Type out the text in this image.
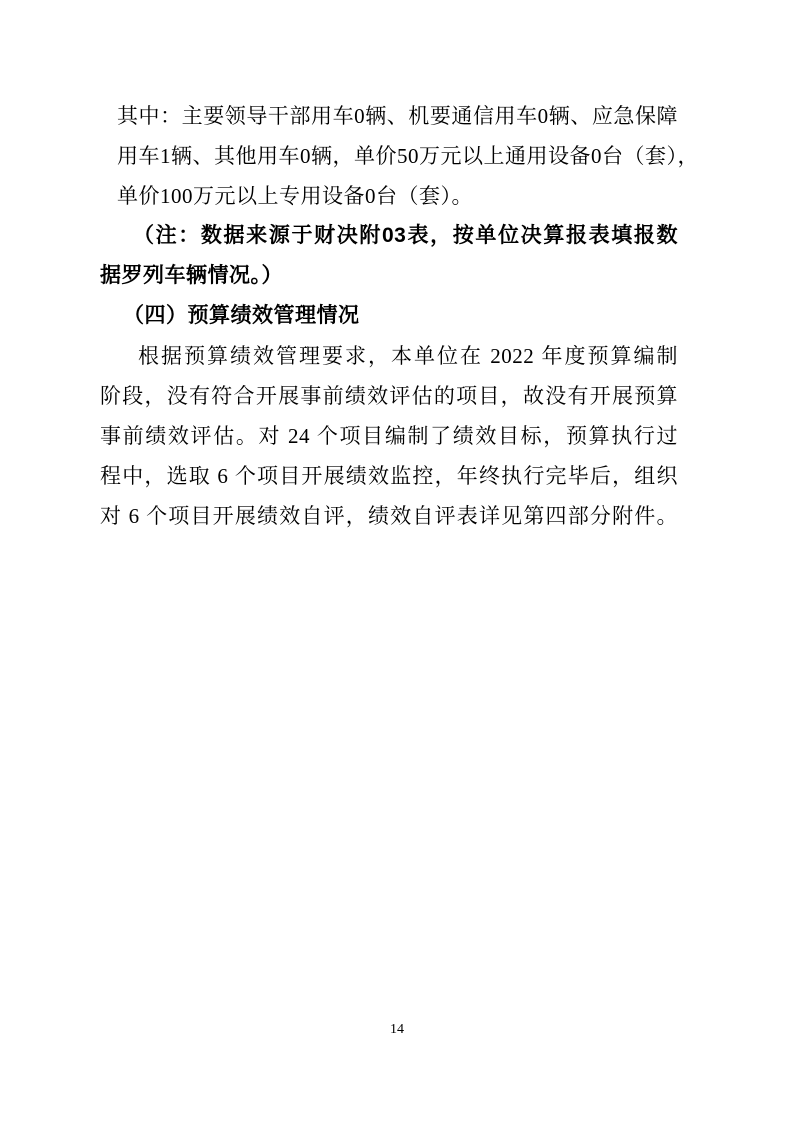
其中：主要领导干部用车0辆、机要通信用车0辆、应急保障
用车1辆、其他用车0辆，单价50万元以上通用设备0台（套），
单价100万元以上专用设备0台（套）。
（注：数据来源于财决附03表，按单位决算报表填报数
据罗列车辆情况。）
（四）预算绩效管理情况
根据预算绩效管理要求，本单位在 2022 年度预算编制
阶段，没有符合开展事前绩效评估的项目，故没有开展预算
事前绩效评估。对 24 个项目编制了绩效目标，预算执行过
程中，选取 6 个项目开展绩效监控，年终执行完毕后，组织
对 6 个项目开展绩效自评，绩效自评表详见第四部分附件。
14
